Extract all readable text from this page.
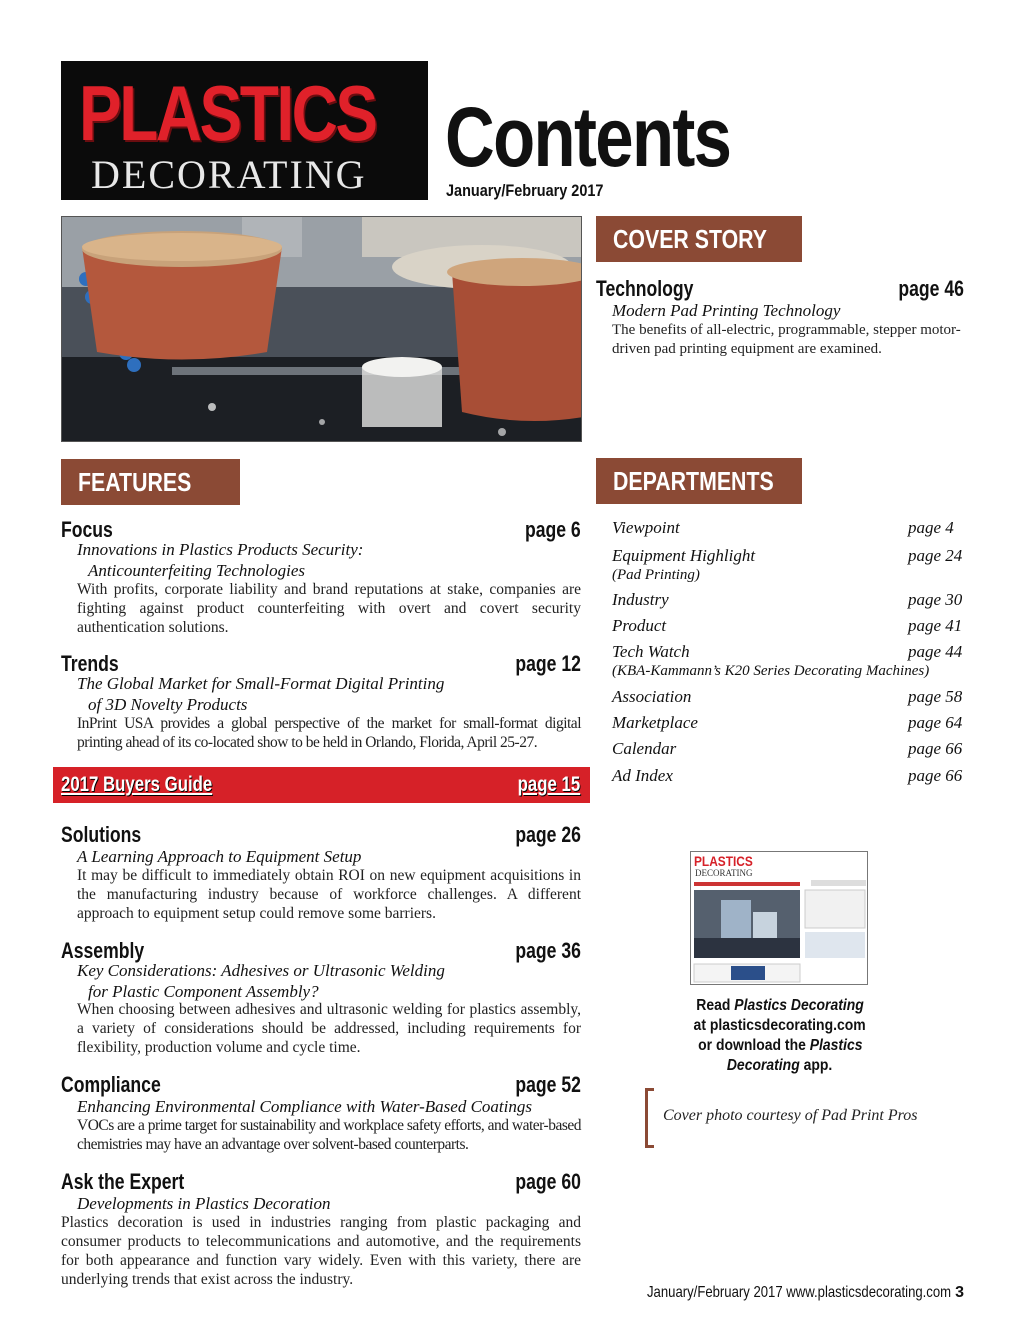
PLASTICS
DECORATING Contents
January/February 2017
COVER STORY
Technology	page 46
Modern Pad Printing Technology
The benefits of all-electric, programmable, stepper motor-
driven pad printing equipment are examined.
FEATURES
Focus	page 6
Innovations in Plastics Products Security:
Anticounterfeiting Technologies
With profits, corporate liability and brand reputations at stake, companies are fighting against product counterfeiting with overt and covert security authentication solutions.
Trends	page 12
The Global Market for Small-Format Digital Printing
of 3D Novelty Products
InPrint USA provides a global perspective of the market for small-format digital printing ahead of its co-located show to be held in Orlando, Florida, April 25-27.
2017 Buyers Guide	page 15
Solutions	page 26
A Learning Approach to Equipment Setup
It may be difficult to immediately obtain ROI on new equipment acquisitions in the manufacturing industry because of workforce challenges. A different approach to equipment setup could remove some barriers.
Assembly	page 36
Key Considerations: Adhesives or Ultrasonic Welding
for Plastic Component Assembly?
When choosing between adhesives and ultrasonic welding for plastics assembly, a variety of considerations should be addressed, including requirements for flexibility, production volume and cycle time.
Compliance	page 52
Enhancing Environmental Compliance with Water-Based Coatings
VOCs are a prime target for sustainability and workplace safety efforts, and water-based chemistries may have an advantage over solvent-based counterparts.
Ask the Expert	page 60
Developments in Plastics Decoration
Plastics decoration is used in industries ranging from plastic packaging and consumer products to telecommunications and automotive, and the requirements for both appearance and function vary widely. Even with this variety, there are underlying trends that exist across the industry.
DEPARTMENTS
Viewpoint	page 4
Equipment Highlight	page 24
(Pad Printing)
Industry	page 30
Product	page 41
Tech Watch	page 44
(KBA-Kammann’s K20 Series Decorating Machines)
Association	page 58
Marketplace	page 64
Calendar	page 66
Ad Index	page 66
PLASTICS
DECORATING
Read Plastics Decorating
at plasticsdecorating.com
or download the Plastics
Decorating app.
Cover photo courtesy of Pad Print Pros
January/February 2017 www.plasticsdecorating.com 3
